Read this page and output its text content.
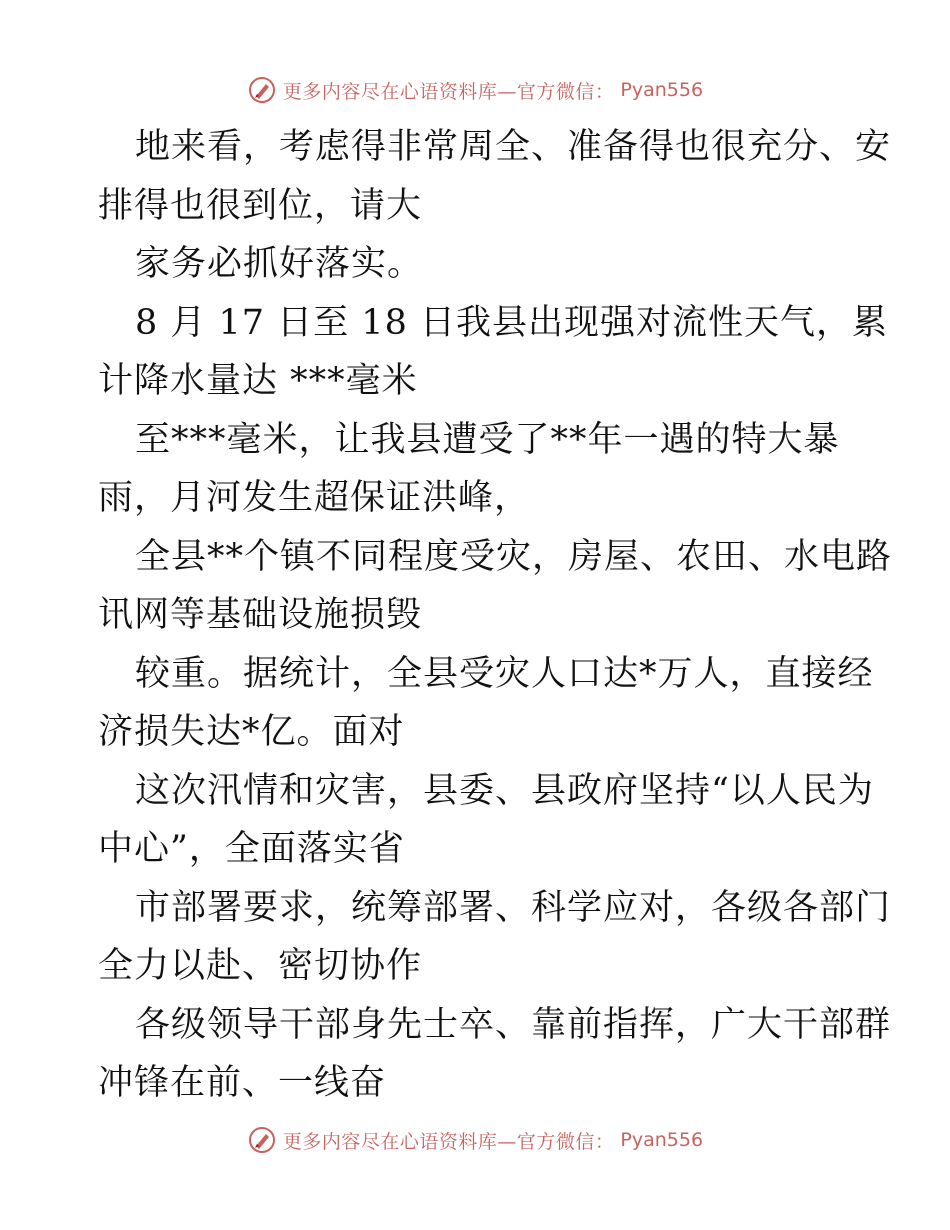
更多内容尽在心语资料库—官方微信： Pyan556
地来看，考虑得非常周全、准备得也很充分、安
排得也很到位，请大
家务必抓好落实。
8 月 17 日至 18 日我县出现强对流性天气，累
计降水量达 ***毫米
至***毫米，让我县遭受了**年一遇的特大暴
雨，月河发生超保证洪峰，
全县**个镇不同程度受灾，房屋、农田、水电路
讯网等基础设施损毁
较重。据统计，全县受灾人口达*万人，直接经
济损失达*亿。面对
这次汛情和灾害，县委、县政府坚持“以人民为
中心”，全面落实省
市部署要求，统筹部署、科学应对，各级各部门
全力以赴、密切协作
各级领导干部身先士卒、靠前指挥，广大干部群
冲锋在前、一线奋
更多内容尽在心语资料库—官方微信： Pyan556
